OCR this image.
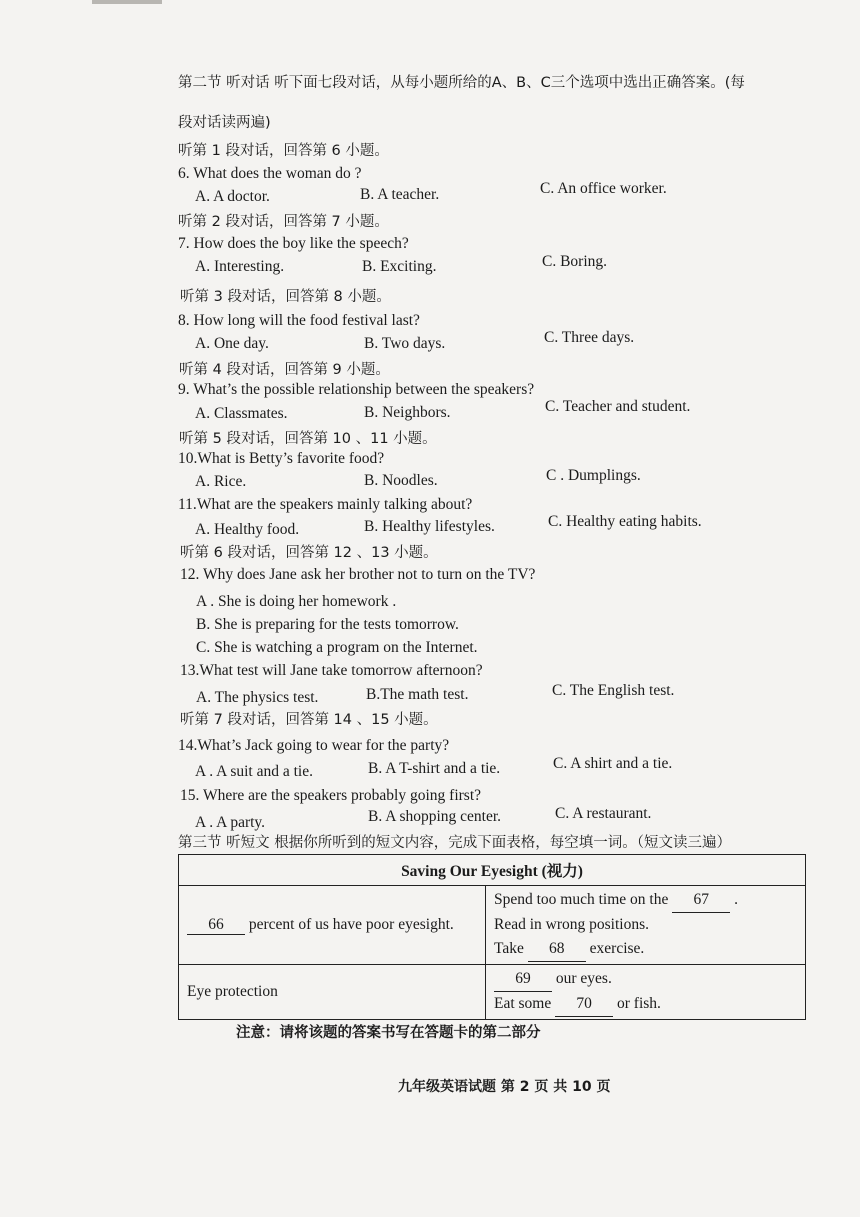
第二节 听对话 听下面七段对话，从每小题所给的A、B、C三个选项中选出正确答案。(每
段对话读两遍)
听第 1 段对话，回答第 6 小题。
6. What does the woman do ?
A. A doctor.	B. A teacher.	C. An office worker.
听第 2 段对话，回答第 7 小题。
7. How does the boy like the speech?
A. Interesting.	B. Exciting.	C. Boring.
听第 3 段对话，回答第 8 小题。
8. How long will the food festival last?
A. One day.	B. Two days.	C. Three days.
听第 4 段对话，回答第 9 小题。
9. What’s the possible relationship between the speakers?
A. Classmates.	B. Neighbors.	C. Teacher and student.
听第 5 段对话，回答第 10 、11 小题。
10.What is Betty’s favorite food?
A. Rice.	B. Noodles.	C . Dumplings.
11.What are the speakers mainly talking about?
A. Healthy food.	B. Healthy lifestyles.	C. Healthy eating habits.
听第 6 段对话，回答第 12 、13 小题。
12. Why does Jane ask her brother not to turn on the TV?
A . She is doing her homework .
B. She is preparing for the tests tomorrow.
C. She is watching a program on the Internet.
13.What test will Jane take tomorrow afternoon?
A. The physics test.	B.The math test.	C. The English test.
听第 7 段对话，回答第 14 、15 小题。
14.What’s Jack going to wear for the party?
A . A suit and a tie.	B. A T-shirt and a tie.	C. A shirt and a tie.
15. Where are the speakers probably going first?
A . A party.	B. A shopping center.	C. A restaurant.
第三节 听短文 根据你所听到的短文内容，完成下面表格，每空填一词。（短文读三遍）
Saving Our Eyesight (视力)	
66 percent of us have poor eyesight.	Spend too much time on the 67 .
Read in wrong positions.
Take 68 exercise.

Eye protection	69 our eyes.
Eat some 70 or fish.
注意：请将该题的答案书写在答题卡的第二部分
九年级英语试题 第 2 页 共 10 页
